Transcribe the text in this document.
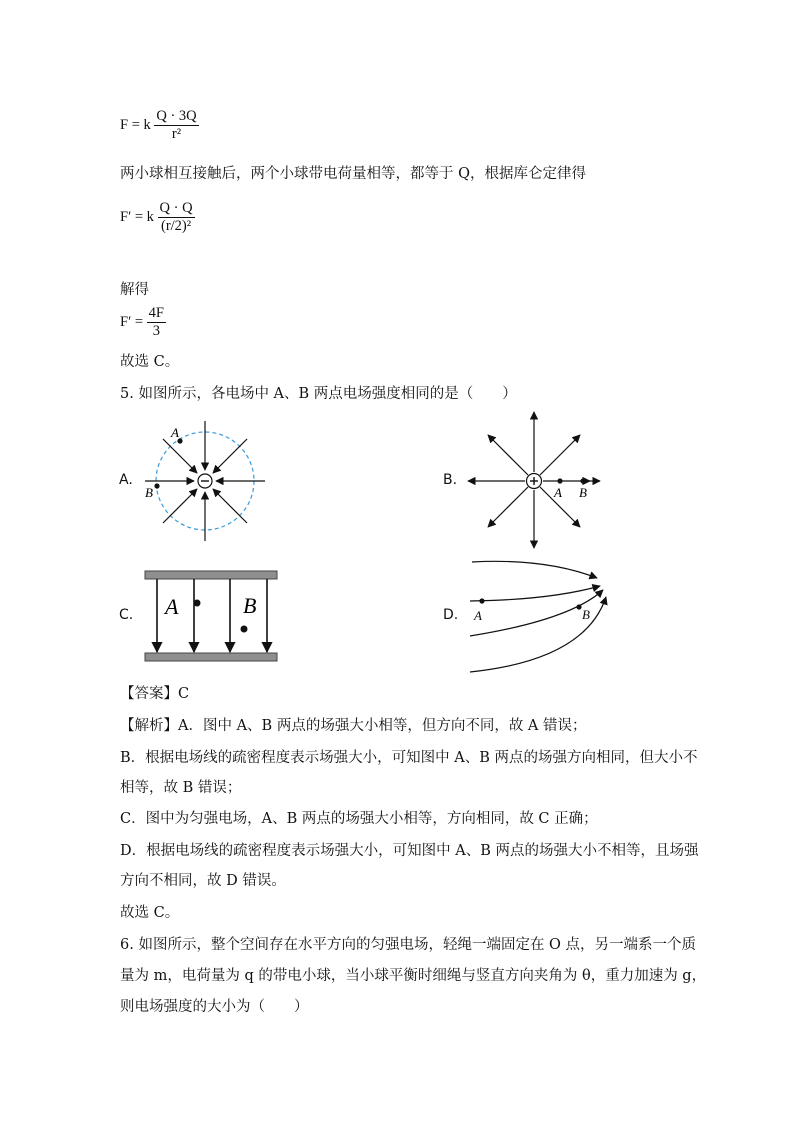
F = k $\frac{Q \cdot 3Q}{\text{r²}}$
两小球相互接触后，两个小球带电荷量相等，都等于 Q，根据库仑定律得
F′ = k $\frac{Q \cdot Q}{\text{(r/2)²}}$
解得
$F' = \frac{4F}{3}$
故选 C。
5. 如图所示，各电场中 A、B 两点电场强度相同的是（　　）
A.	B.
C.	D.
A
B	A B
A	B	A	B
【答案】C
【解析】A．图中 A、B 两点的场强大小相等，但方向不同，故 A 错误；
B．根据电场线的疏密程度表示场强大小，可知图中 A、B 两点的场强方向相同，但大小不
相等，故 B 错误；
C．图中为匀强电场，A、B 两点的场强大小相等，方向相同，故 C 正确；
D．根据电场线的疏密程度表示场强大小，可知图中 A、B 两点的场强大小不相等，且场强
方向不相同，故 D 错误。
故选 C。
6. 如图所示，整个空间存在水平方向的匀强电场，轻绳一端固定在 O 点，另一端系一个质
量为 m，电荷量为 q 的带电小球，当小球平衡时细绳与竖直方向夹角为 θ，重力加速为 g，
则电场强度的大小为（　　）
